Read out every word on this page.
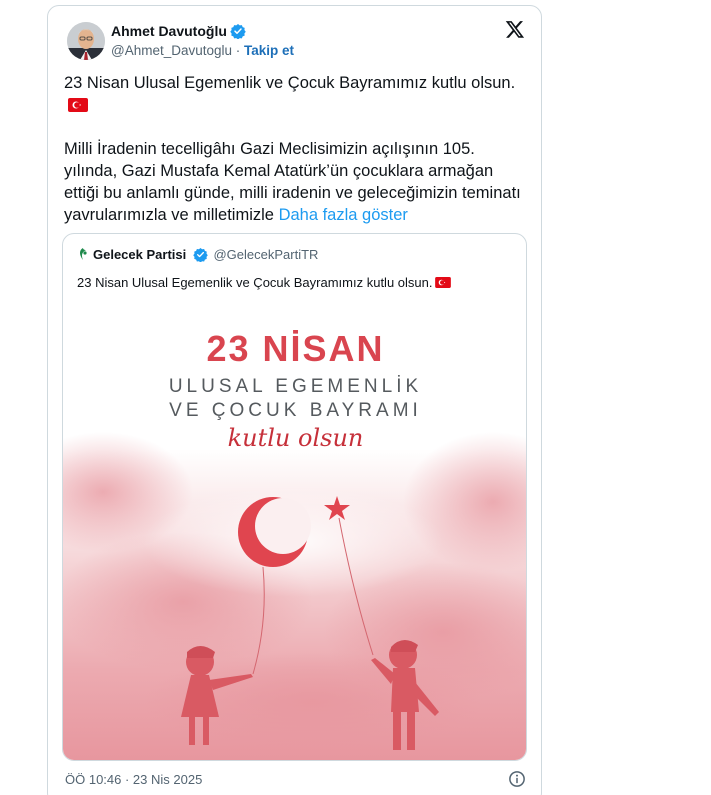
Ahmet Davutoğlu
@Ahmet_Davutoglu · Takip et

23 Nisan Ulusal Egemenlik ve Çocuk Bayramımız kutlu olsun.

Milli İradenin tecelligâhı Gazi Meclisimizin açılışının 105. yılında, Gazi Mustafa Kemal Atatürk’ün çocuklara armağan ettiği bu anlamlı günde, milli iradenin ve geleceğimizin teminatı yavrularımızla ve milletimizle Daha fazla göster

Gelecek Partisi @GelecekPartiTR
23 Nisan Ulusal Egemenlik ve Çocuk Bayramımız kutlu olsun.
23 NİSAN
ULUSAL EGEMENLİK
VE ÇOCUK BAYRAMI
kutlu olsun
ÖÖ 10:46 · 23 Nis 2025
